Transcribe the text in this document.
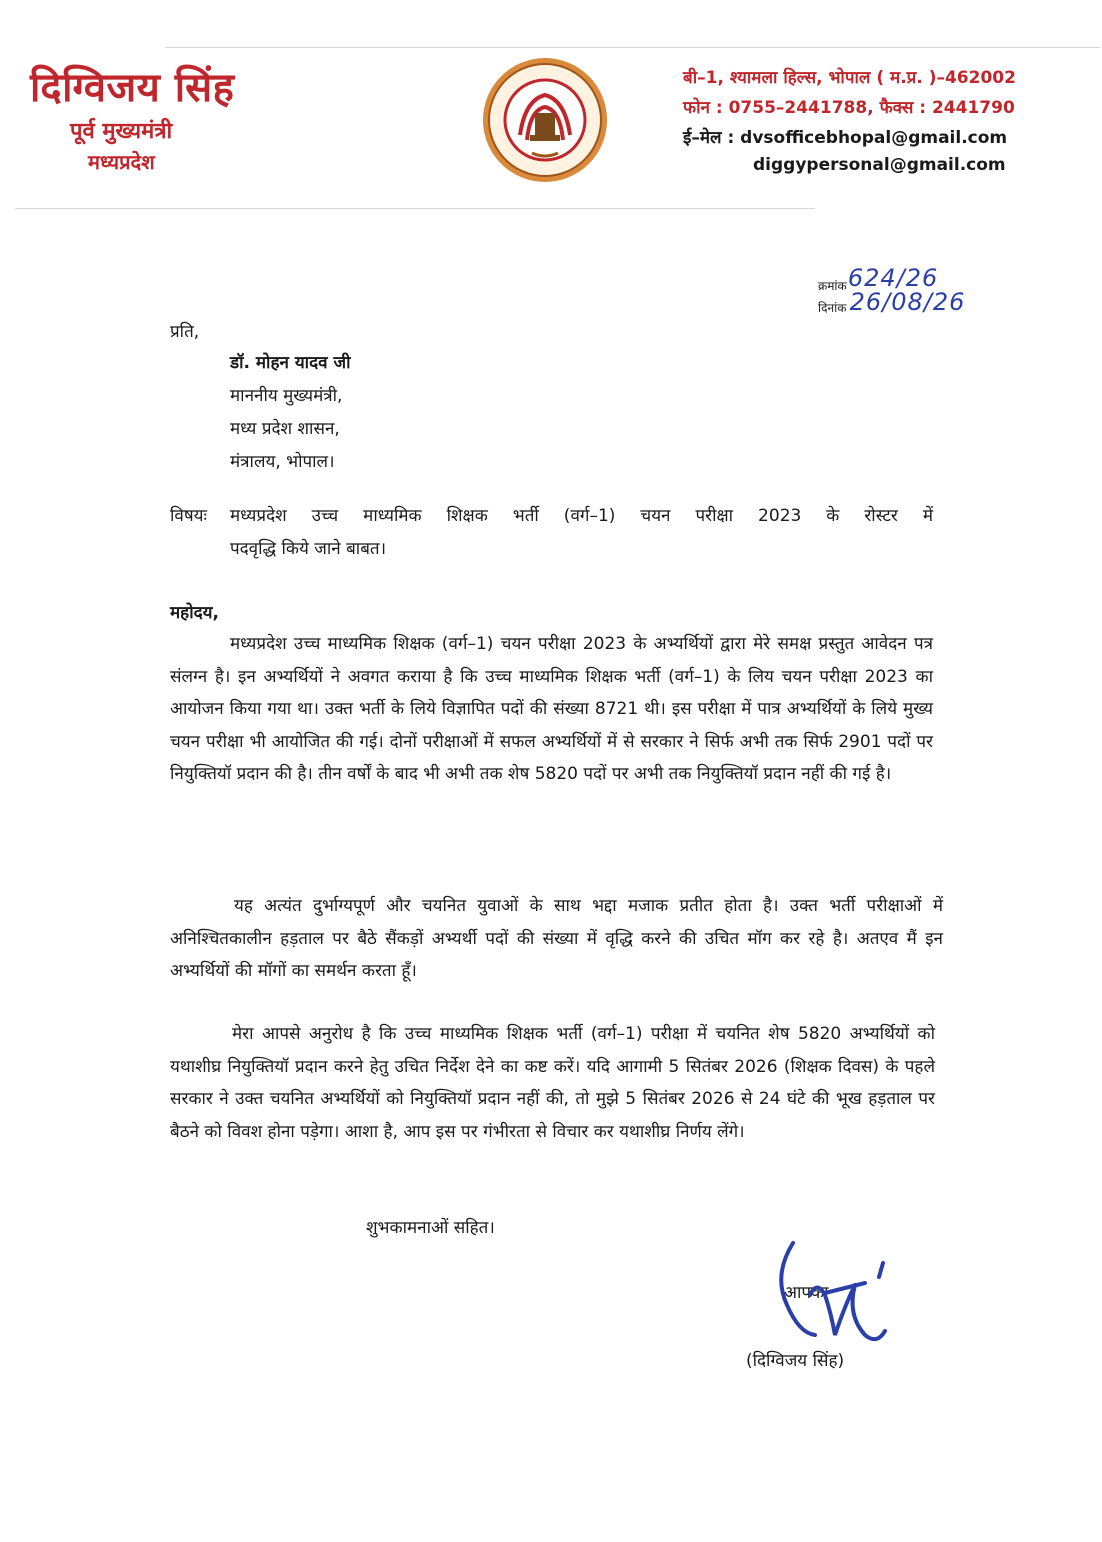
दिग्विजय सिंह
पूर्व मुख्यमंत्री
मध्यप्रदेश
बी–1, श्यामला हिल्स, भोपाल ( म.प्र. )–462002
फोन : 0755–2441788, फैक्स : 2441790
ई–मेल : dvsofficebhopal@gmail.com
diggypersonal@gmail.com
क्रमांक 624/26
दिनांक 26/08/26
प्रति,
डॉ. मोहन यादव जी
माननीय मुख्यमंत्री,
मध्य प्रदेश शासन,
मंत्रालय, भोपाल।
विषयः मध्यप्रदेश उच्च माध्यमिक शिक्षक भर्ती (वर्ग–1) चयन परीक्षा 2023 के रोस्टर में
पदवृद्धि किये जाने बाबत।
महोदय,

मध्यप्रदेश उच्च माध्यमिक शिक्षक (वर्ग–1) चयन परीक्षा 2023 के अभ्यर्थियों द्वारा मेरे समक्ष प्रस्तुत आवेदन पत्र संलग्न है। इन अभ्यर्थियों ने अवगत कराया है कि उच्च माध्यमिक शिक्षक भर्ती (वर्ग–1) के लिय चयन परीक्षा 2023 का आयोजन किया गया था। उक्त भर्ती के लिये विज्ञापित पदों की संख्या 8721 थी। इस परीक्षा में पात्र अभ्यर्थियों के लिये मुख्य चयन परीक्षा भी आयोजित की गई। दोनों परीक्षाओं में सफल अभ्यर्थियों में से सरकार ने सिर्फ अभी तक सिर्फ 2901 पदों पर नियुक्तियॉ प्रदान की है। तीन वर्षों के बाद भी अभी तक शेष 5820 पदों पर अभी तक नियुक्तियॉ प्रदान नहीं की गई है।

यह अत्यंत दुर्भाग्यपूर्ण और चयनित युवाओं के साथ भद्दा मजाक प्रतीत होता है। उक्त भर्ती परीक्षाओं में अनिश्चितकालीन हड़ताल पर बैठे सैंकड़ों अभ्यर्थी पदों की संख्या में वृद्धि करने की उचित मॉग कर रहे है। अतएव मैं इन अभ्यर्थियों की मॉगों का समर्थन करता हूँ।

मेरा आपसे अनुरोध है कि उच्च माध्यमिक शिक्षक भर्ती (वर्ग–1) परीक्षा में चयनित शेष 5820 अभ्यर्थियों को यथाशीघ्र नियुक्तियॉ प्रदान करने हेतु उचित निर्देश देने का कष्ट करें। यदि आगामी 5 सितंबर 2026 (शिक्षक दिवस) के पहले सरकार ने उक्त चयनित अभ्यर्थियों को नियुक्तियॉ प्रदान नहीं की, तो मुझे 5 सितंबर 2026 से 24 घंटे की भूख हड़ताल पर बैठने को विवश होना पड़ेगा। आशा है, आप इस पर गंभीरता से विचार कर यथाशीघ्र निर्णय लेंगे।

शुभकामनाओं सहित।
आपका
(दिग्विजय सिंह)
